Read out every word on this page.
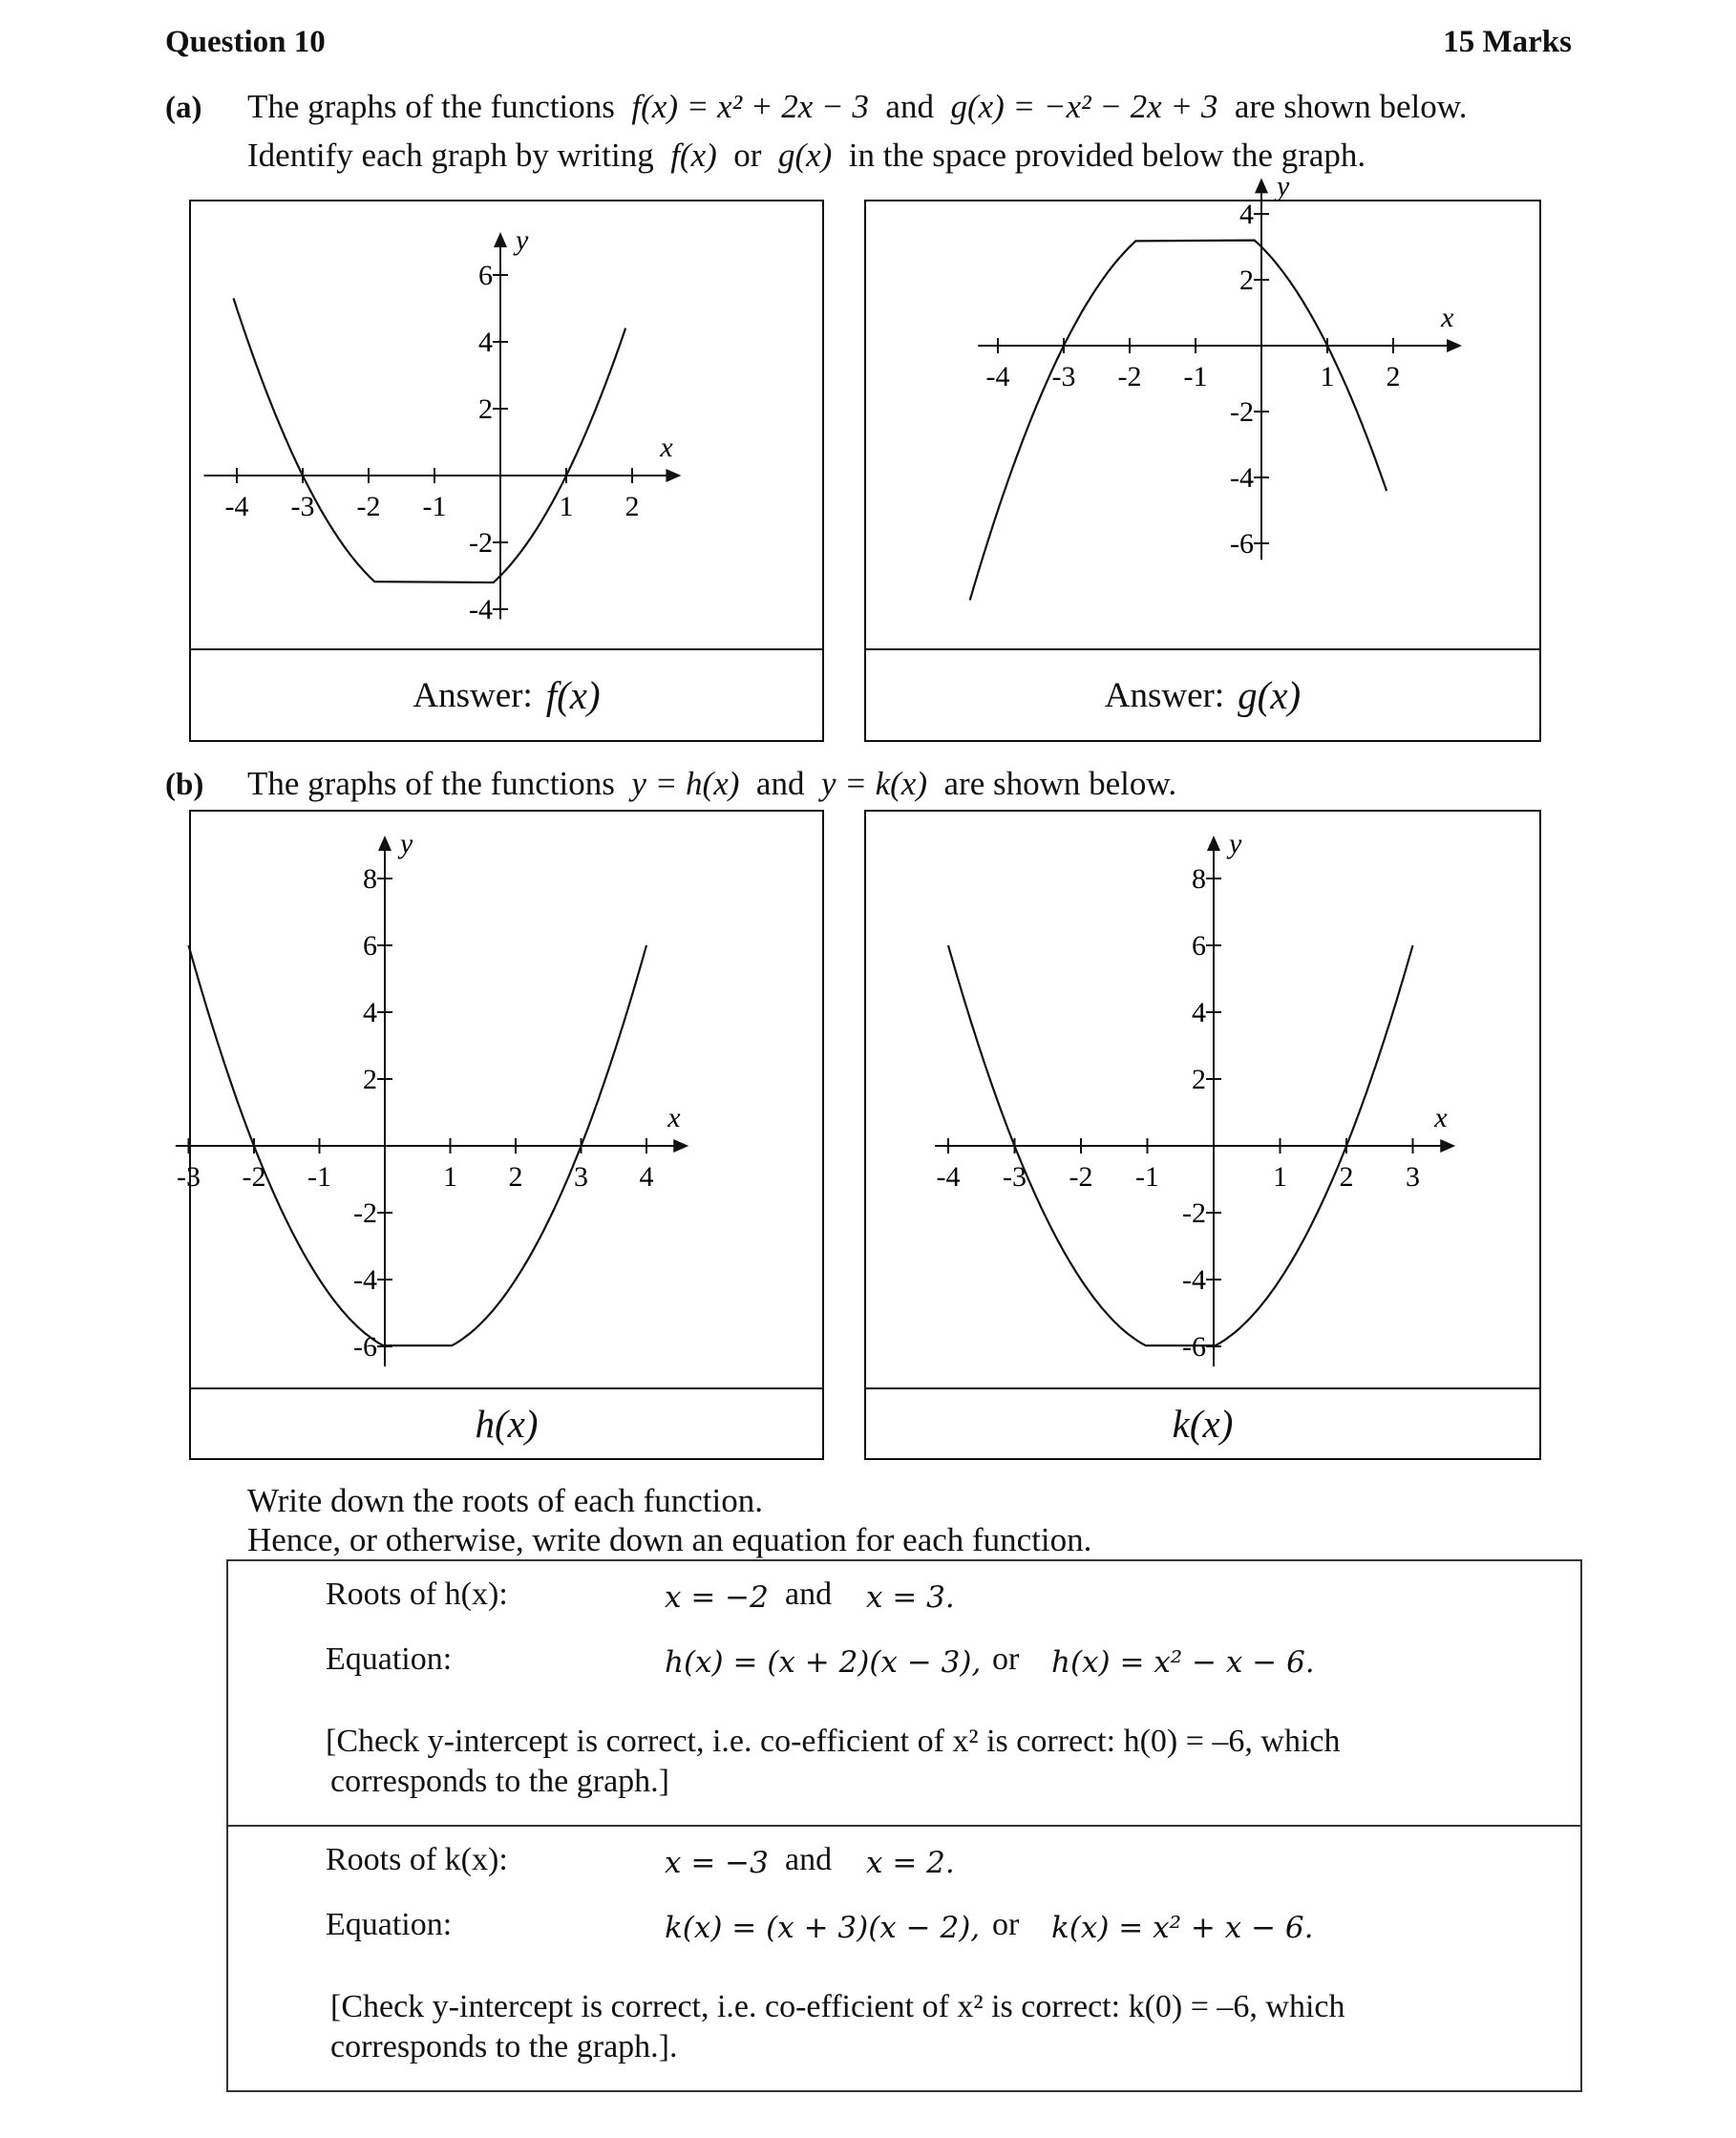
Question 10	15 Marks
(a) The graphs of the functions f(x) = x² + 2x − 3 and g(x) = −x² − 2x + 3 are shown below.
Identify each graph by writing f(x) or g(x) in the space provided below the graph.
x
y
-4 -3 -2 -1	1 2
-4
-2
2
4
6
Answer: f(x)
x
y
-4 -3 -2 -1	1 2
-6
-4
-2
2
4
Answer: g(x)
(b) The graphs of the functions y = h(x) and y = k(x) are shown below.
x
y
-3 -2 -1	1 2 3 4
-6
-4
-2
2
4
6
8
h(x)
x
y
-4 -3 -2 -1	1 2 3
-6
-4
-2
2
4
6
8
k(x)
Write down the roots of each function.
Hence, or otherwise, write down an equation for each function.
Roots of h(x):	x = −2 and x = 3.
Equation:	h(x) = (x + 2)(x − 3), or h(x) = x² − x − 6.
[Check y-intercept is correct, i.e. co-efficient of x² is correct: h(0) = –6, which
corresponds to the graph.]
Roots of k(x):	x = −3 and x = 2.
Equation:	k(x) = (x + 3)(x − 2), or k(x) = x² + x − 6.
[Check y-intercept is correct, i.e. co-efficient of x² is correct: k(0) = –6, which
corresponds to the graph.].
